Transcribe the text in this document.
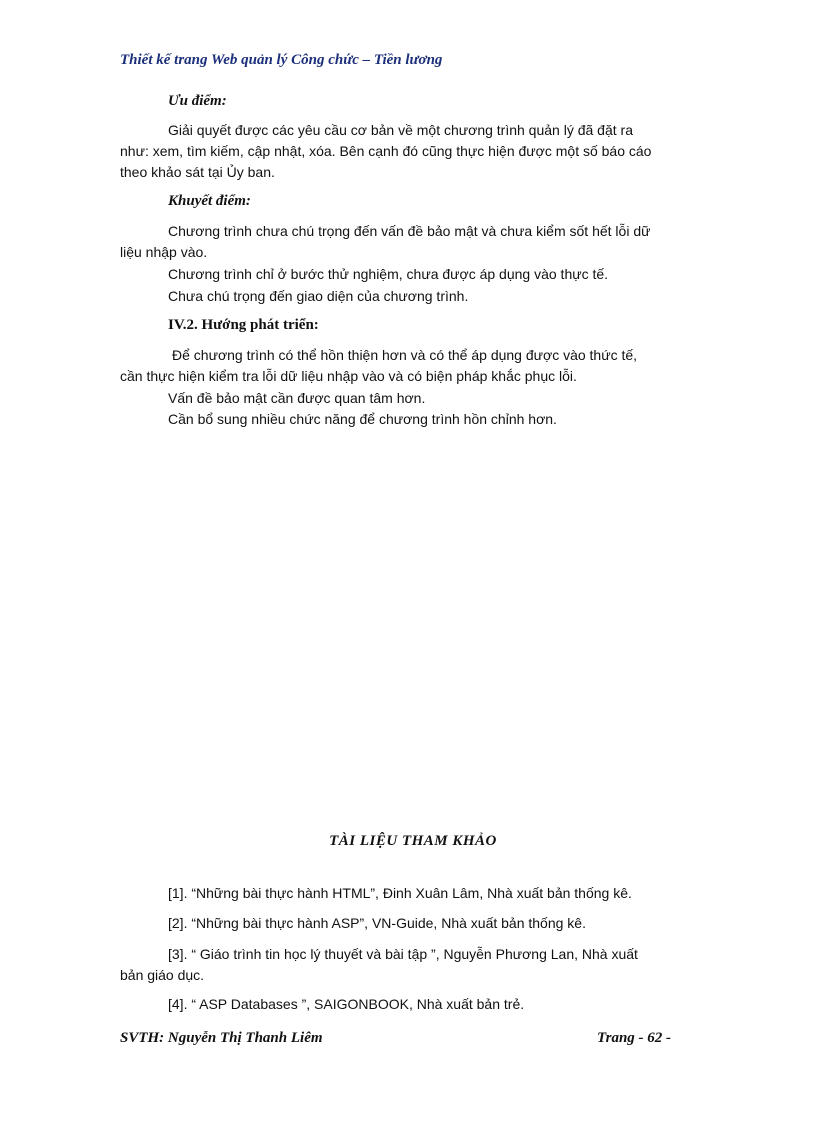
Thiết kế trang Web quản lý Công chức – Tiền lương
Ưu điểm:
Giải quyết được các yêu cầu cơ bản về một chương trình quản lý đã đặt ra
như: xem, tìm kiếm, cập nhật, xóa. Bên cạnh đó cũng thực hiện được một số báo cáo
theo khảo sát tại Ủy ban.
Khuyết điểm:
Chương trình chưa chú trọng đến vấn đề bảo mật và chưa kiểm sốt hết lỗi dữ
liệu nhập vào.
Chương trình chỉ ở bước thử nghiệm, chưa được áp dụng vào thực tế.
Chưa chú trọng đến giao diện của chương trình.
IV.2. Hướng phát triển:
Để chương trình có thể hồn thiện hơn và có thể áp dụng được vào thức tế,
cần thực hiện kiểm tra lỗi dữ liệu nhập vào và có biện pháp khắc phục lỗi.
Vấn đề bảo mật cần được quan tâm hơn.
Cần bổ sung nhiều chức năng để chương trình hồn chỉnh hơn.
TÀI LIỆU THAM KHẢO
[1]. “Những bài thực hành HTML”, Đinh Xuân Lâm, Nhà xuất bản thống kê.
[2]. “Những bài thực hành ASP”, VN-Guide, Nhà xuất bản thống kê.
[3]. “ Giáo trình tin học lý thuyết và bài tập ”, Nguyễn Phương Lan, Nhà xuất
bản giáo dục.
[4]. “ ASP Databases ”, SAIGONBOOK, Nhà xuất bản trẻ.
SVTH: Nguyễn Thị Thanh Liêm	Trang - 62 -
